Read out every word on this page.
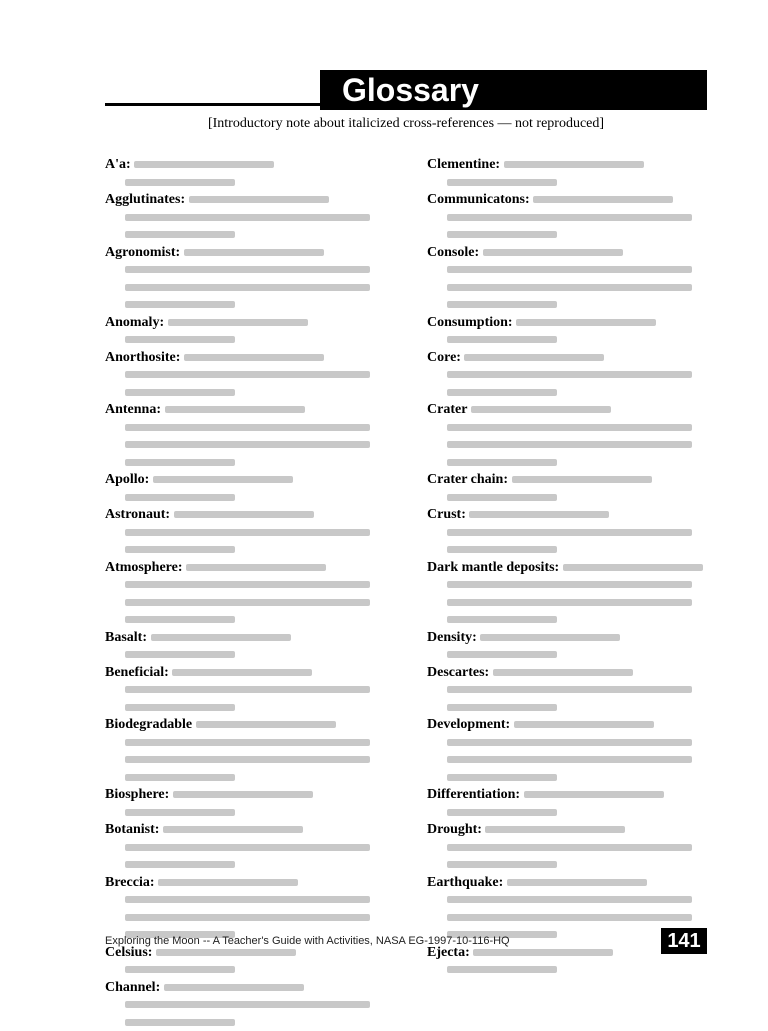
Glossary
[Introductory note about italicized cross-references — not reproduced]

A'a:

Agglutinates:

Agronomist:

Anomaly:

Anorthosite:

Antenna:

Apollo:

Astronaut:

Atmosphere:

Basalt:

Beneficial:

Biodegradable

Biosphere:

Botanist:

Breccia:

Celsius:

Channel:

Clementine:

Communicatons:

Console:

Consumption:

Core:

Crater

Crater chain:

Crust:

Dark mantle deposits:

Density:

Descartes:

Development:

Differentiation:

Drought:

Earthquake:

Ejecta:

Exploring the Moon -- A Teacher's Guide with Activities, NASA EG-1997-10-116-HQ	141
